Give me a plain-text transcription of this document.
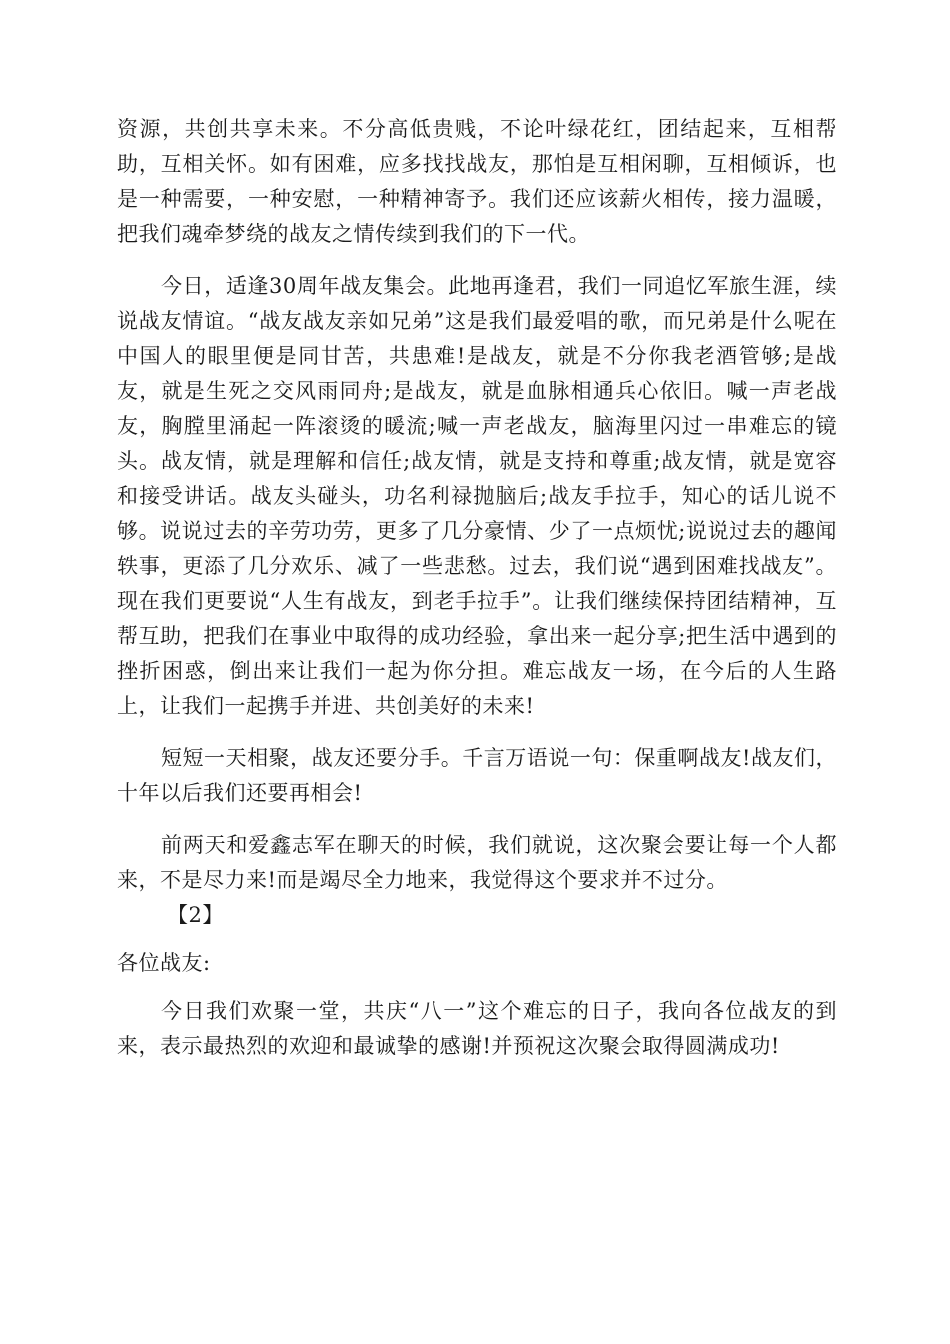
资源，共创共享未来。不分高低贵贱，不论叶绿花红，团结起来，互相帮助，互相关怀。如有困难，应多找找战友，那怕是互相闲聊，互相倾诉，也是一种需要，一种安慰，一种精神寄予。我们还应该薪火相传，接力温暖，把我们魂牵梦绕的战友之情传续到我们的下一代。

今日，适逢30周年战友集会。此地再逢君，我们一同追忆军旅生涯，续说战友情谊。“战友战友亲如兄弟”这是我们最爱唱的歌，而兄弟是什么呢在中国人的眼里便是同甘苦，共患难!是战友，就是不分你我老酒管够;是战友，就是生死之交风雨同舟;是战友，就是血脉相通兵心依旧。喊一声老战友，胸膛里涌起一阵滚烫的暖流;喊一声老战友，脑海里闪过一串难忘的镜头。战友情，就是理解和信任;战友情，就是支持和尊重;战友情，就是宽容和接受讲话。战友头碰头，功名利禄抛脑后;战友手拉手，知心的话儿说不够。说说过去的辛劳功劳，更多了几分豪情、少了一点烦忧;说说过去的趣闻轶事，更添了几分欢乐、减了一些悲愁。过去，我们说“遇到困难找战友”。现在我们更要说“人生有战友，到老手拉手”。让我们继续保持团结精神，互帮互助，把我们在事业中取得的成功经验，拿出来一起分享;把生活中遇到的挫折困惑，倒出来让我们一起为你分担。难忘战友一场，在今后的人生路上，让我们一起携手并进、共创美好的未来!

短短一天相聚，战友还要分手。千言万语说一句：保重啊战友!战友们，十年以后我们还要再相会!

前两天和爱鑫志军在聊天的时候，我们就说，这次聚会要让每一个人都来，不是尽力来!而是竭尽全力地来，我觉得这个要求并不过分。

【2】

各位战友:

今日我们欢聚一堂，共庆“八一”这个难忘的日子，我向各位战友的到来，表示最热烈的欢迎和最诚挚的感谢!并预祝这次聚会取得圆满成功!
